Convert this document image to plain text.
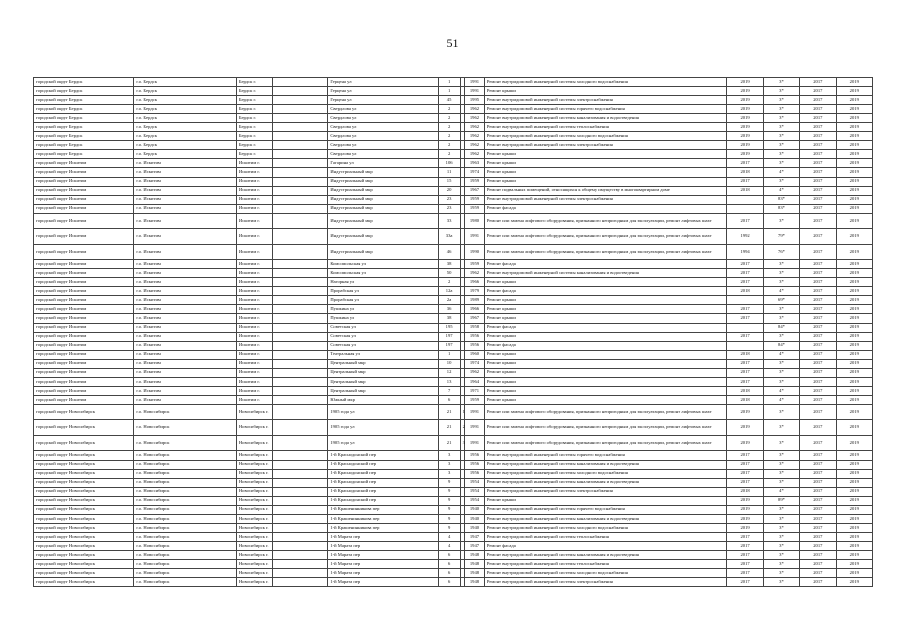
51
городской округ Бердск	г.о. Бердск	Бердск г.		Герцена ул	1		1991	Ремонт внутридомовой инженерной системы холодного водоснабжения	2019	3*	2017	2019
городской округ Бердск	г.о. Бердск	Бердск г.		Герцена ул	1		1991	Ремонт крыши	2019	3*	2017	2019
городской округ Бердск	г.о. Бердск	Бердск г.		Герцена ул	45		1995	Ремонт внутридомовой инженерной системы электроснабжения	2019	3*	2017	2019
городской округ Бердск	г.о. Бердск	Бердск г.		Свердлова ул	2		1962	Ремонт внутридомовой инженерной системы горячего водоснабжения	2019	3*	2017	2019
городской округ Бердск	г.о. Бердск	Бердск г.		Свердлова ул	2		1962	Ремонт внутридомовой инженерной системы канализования и водоотведения	2019	3*	2017	2019
городской округ Бердск	г.о. Бердск	Бердск г.		Свердлова ул	2		1962	Ремонт внутридомовой инженерной системы теплоснабжения	2019	3*	2017	2019
городской округ Бердск	г.о. Бердск	Бердск г.		Свердлова ул	2		1962	Ремонт внутридомовой инженерной системы холодного водоснабжения	2019	3*	2017	2019
городской округ Бердск	г.о. Бердск	Бердск г.		Свердлова ул	2		1962	Ремонт внутридомовой инженерной системы электроснабжения	2019	3*	2017	2019
городской округ Бердск	г.о. Бердск	Бердск г.		Свердлова ул	2		1962	Ремонт крыши	2019	3*	2017	2019
городской округ Искитим	г.о. Искитим	Искитим г.		Гагарина ул	106		1963	Ремонт крыши	2017	3*	2017	2019
городской округ Искитим	г.о. Искитим	Искитим г.		Индустриальный мкр	11		1974	Ремонт крыши	2018	4*	2017	2019
городской округ Искитим	г.о. Искитим	Искитим г.		Индустриальный мкр	15		1959	Ремонт крыши	2017	3*	2017	2019
городской округ Искитим	г.о. Искитим	Искитим г.		Индустриальный мкр	20		1967	Ремонт подвальных помещений, относящихся к общему имуществу в многоквартирном доме	2018	4*	2017	2019
городской округ Искитим	г.о. Искитим	Искитим г.		Индустриальный мкр	23		1959	Ремонт внутридомовой инженерной системы электроснабжения		83*	2017	2019
городской округ Искитим	г.о. Искитим	Искитим г.		Индустриальный мкр	23		1959	Ремонт фасада		83*	2017	2019
городской округ Искитим	г.о. Искитим	Искитим г.		Индустриальный мкр	33		1980	Ремонт или замена лифтового оборудования, признанного непригодным для эксплуатации, ремонт лифтовых шахт	2017	3*	2017	2019
городской округ Искитим	г.о. Искитим	Искитим г.		Индустриальный мкр	33а		1991	Ремонт или замена лифтового оборудования, признанного непригодным для эксплуатации, ремонт лифтовых шахт	1992	79*	2017	2019
городской округ Искитим	г.о. Искитим	Искитим г.		Индустриальный мкр	46		1990	Ремонт или замена лифтового оборудования, признанного непригодным для эксплуатации, ремонт лифтовых шахт	1994	76*	2017	2019
городской округ Искитим	г.о. Искитим	Искитим г.		Комсомольская ул	38		1959	Ремонт фасада	2017	3*	2017	2019
городской округ Искитим	г.о. Искитим	Искитим г.		Комсомольская ул	50		1962	Ремонт внутридомовой инженерной системы канализования и водоотведения	2017	3*	2017	2019
городской округ Искитим	г.о. Искитим	Искитим г.		Нагорная ул	2		1966	Ремонт крыши	2017	3*	2017	2019
городской округ Искитим	г.о. Искитим	Искитим г.		Прорабская ул	12а		1979	Ремонт фасада	2018	4*	2017	2019
городской округ Искитим	г.о. Искитим	Искитим г.		Прорабская ул	2а		1989	Ремонт крыши		69*	2017	2019
городской округ Искитим	г.о. Искитим	Искитим г.		Пушкина ул	36		1966	Ремонт крыши	2017	3*	2017	2019
городской округ Искитим	г.о. Искитим	Искитим г.		Пушкина ул	38		1967	Ремонт крыши	2017	3*	2017	2019
городской округ Искитим	г.о. Искитим	Искитим г.		Советская ул	195		1958	Ремонт фасада		84*	2017	2019
городской округ Искитим	г.о. Искитим	Искитим г.		Советская ул	197		1956	Ремонт крыши	2017	3*	2017	2019
городской округ Искитим	г.о. Искитим	Искитим г.		Советская ул	197		1956	Ремонт фасада		84*	2017	2019
городской округ Искитим	г.о. Искитим	Искитим г.		Театральная ул	1		1960	Ремонт крыши	2018	4*	2017	2019
городской округ Искитим	г.о. Искитим	Искитим г.		Центральный мкр	10		1974	Ремонт крыши	2017	3*	2017	2019
городской округ Искитим	г.о. Искитим	Искитим г.		Центральный мкр	12		1962	Ремонт крыши	2017	3*	2017	2019
городской округ Искитим	г.о. Искитим	Искитим г.		Центральный мкр	13		1964	Ремонт крыши	2017	3*	2017	2019
городской округ Искитим	г.о. Искитим	Искитим г.		Центральный мкр	7		1971	Ремонт крыши	2018	4*	2017	2019
городской округ Искитим	г.о. Искитим	Искитим г.		Южный мкр	6		1959	Ремонт крыши	2018	4*	2017	2019
городской округ Новосибирск	г.о. Новосибирск	Новосибирск г.		1905 года ул	21	1	1991	Ремонт или замена лифтового оборудования, признанного непригодным для эксплуатации, ремонт лифтовых шахт	2019	3*	2017	2019
городской округ Новосибирск	г.о. Новосибирск	Новосибирск г.		1905 года ул	21	2	1991	Ремонт или замена лифтового оборудования, признанного непригодным для эксплуатации, ремонт лифтовых шахт	2019	3*	2017	2019
городской округ Новосибирск	г.о. Новосибирск	Новосибирск г.		1905 года ул	21	3	1991	Ремонт или замена лифтового оборудования, признанного непригодным для эксплуатации, ремонт лифтовых шахт	2019	3*	2017	2019
городской округ Новосибирск	г.о. Новосибирск	Новосибирск г.		1-й Краснодонский пер	3		1956	Ремонт внутридомовой инженерной системы горячего водоснабжения	2017	3*	2017	2019
городской округ Новосибирск	г.о. Новосибирск	Новосибирск г.		1-й Краснодонский пер	3		1956	Ремонт внутридомовой инженерной системы канализования и водоотведения	2017	3*	2017	2019
городской округ Новосибирск	г.о. Новосибирск	Новосибирск г.		1-й Краснодонский пер	3		1956	Ремонт внутридомовой инженерной системы холодного водоснабжения	2017	3*	2017	2019
городской округ Новосибирск	г.о. Новосибирск	Новосибирск г.		1-й Краснодонский пер	9		1954	Ремонт внутридомовой инженерной системы канализования и водоотведения	2017	3*	2017	2019
городской округ Новосибирск	г.о. Новосибирск	Новосибирск г.		1-й Краснодонский пер	9		1954	Ремонт внутридомовой инженерной системы электроснабжения	2018	4*	2017	2019
городской округ Новосибирск	г.о. Новосибирск	Новосибирск г.		1-й Краснодонский пер	9		1954	Ремонт крыши	2019	89*	2017	2019
городской округ Новосибирск	г.о. Новосибирск	Новосибирск г.		1-й Крашенинникова пер	9		1940	Ремонт внутридомовой инженерной системы горячего водоснабжения	2019	3*	2017	2019
городской округ Новосибирск	г.о. Новосибирск	Новосибирск г.		1-й Крашенинникова пер	9		1940	Ремонт внутридомовой инженерной системы канализования и водоотведения	2019	3*	2017	2019
городской округ Новосибирск	г.о. Новосибирск	Новосибирск г.		1-й Крашенинникова пер	9		1940	Ремонт внутридомовой инженерной системы холодного водоснабжения	2019	3*	2017	2019
городской округ Новосибирск	г.о. Новосибирск	Новосибирск г.		1-й Марата пер	4		1947	Ремонт внутридомовой инженерной системы теплоснабжения	2017	3*	2017	2019
городской округ Новосибирск	г.о. Новосибирск	Новосибирск г.		1-й Марата пер	4		1947	Ремонт фасада	2017	3*	2017	2019
городской округ Новосибирск	г.о. Новосибирск	Новосибирск г.		1-й Марата пер	6		1948	Ремонт внутридомовой инженерной системы канализования и водоотведения	2017	3*	2017	2019
городской округ Новосибирск	г.о. Новосибирск	Новосибирск г.		1-й Марата пер	6		1948	Ремонт внутридомовой инженерной системы теплоснабжения	2017	3*	2017	2019
городской округ Новосибирск	г.о. Новосибирск	Новосибирск г.		1-й Марата пер	6		1948	Ремонт внутридомовой инженерной системы холодного водоснабжения	2017	3*	2017	2019
городской округ Новосибирск	г.о. Новосибирск	Новосибирск г.		1-й Марата пер	6		1948	Ремонт внутридомовой инженерной системы электроснабжения	2017	3*	2017	2019
